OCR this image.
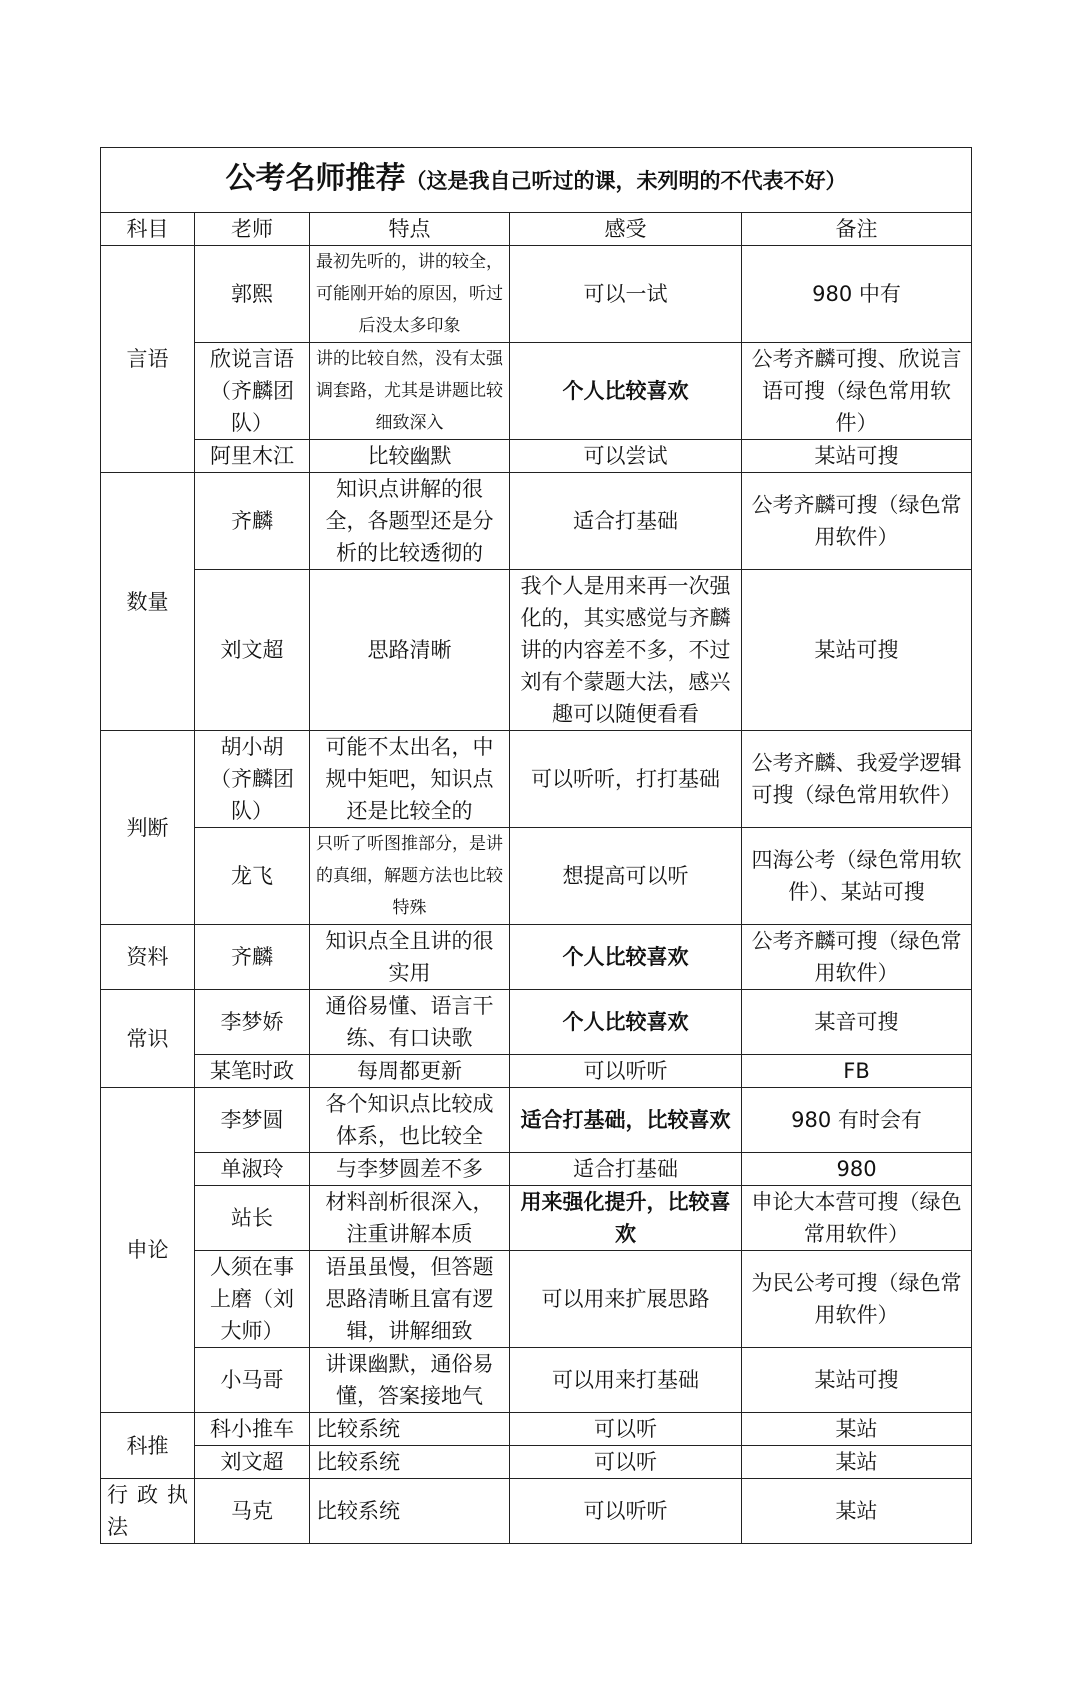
公考名师推荐（这是我自己听过的课，未列明的不代表不好）				
科目	老师	特点	感受	备注
言语	郭熙	最初先听的，讲的较全，可能刚开始的原因，听过后没太多印象	可以一试	980 中有
	欣说言语（齐麟团队）	讲的比较自然，没有太强调套路，尤其是讲题比较细致深入	个人比较喜欢	公考齐麟可搜、欣说言语可搜（绿色常用软件）
	阿里木江	比较幽默	可以尝试	某站可搜
数量	齐麟	知识点讲解的很全，各题型还是分析的比较透彻的	适合打基础	公考齐麟可搜（绿色常用软件）
	刘文超	思路清晰	我个人是用来再一次强化的，其实感觉与齐麟讲的内容差不多，不过刘有个蒙题大法，感兴趣可以随便看看	某站可搜
判断	胡小胡（齐麟团队）	可能不太出名，中规中矩吧，知识点还是比较全的	可以听听，打打基础	公考齐麟、我爱学逻辑可搜（绿色常用软件）
	龙飞	只听了听图推部分，是讲的真细，解题方法也比较特殊	想提高可以听	四海公考（绿色常用软件）、某站可搜
资料	齐麟	知识点全且讲的很实用	个人比较喜欢	公考齐麟可搜（绿色常用软件）
常识	李梦娇	通俗易懂、语言干练、有口诀歌	个人比较喜欢	某音可搜
	某笔时政	每周都更新	可以听听	FB
申论	李梦圆	各个知识点比较成体系，也比较全	适合打基础，比较喜欢	980 有时会有
	单淑玲	与李梦圆差不多	适合打基础	980
	站长	材料剖析很深入，注重讲解本质	用来强化提升，比较喜欢	申论大本营可搜（绿色常用软件）
	人须在事上磨（刘大师）	语虽虽慢，但答题思路清晰且富有逻辑，讲解细致	可以用来扩展思路	为民公考可搜（绿色常用软件）
	小马哥	讲课幽默，通俗易懂，答案接地气	可以用来打基础	某站可搜
科推	科小推车	比较系统	可以听	某站
	刘文超	比较系统	可以听	某站
行政执法	马克	比较系统	可以听听	某站
